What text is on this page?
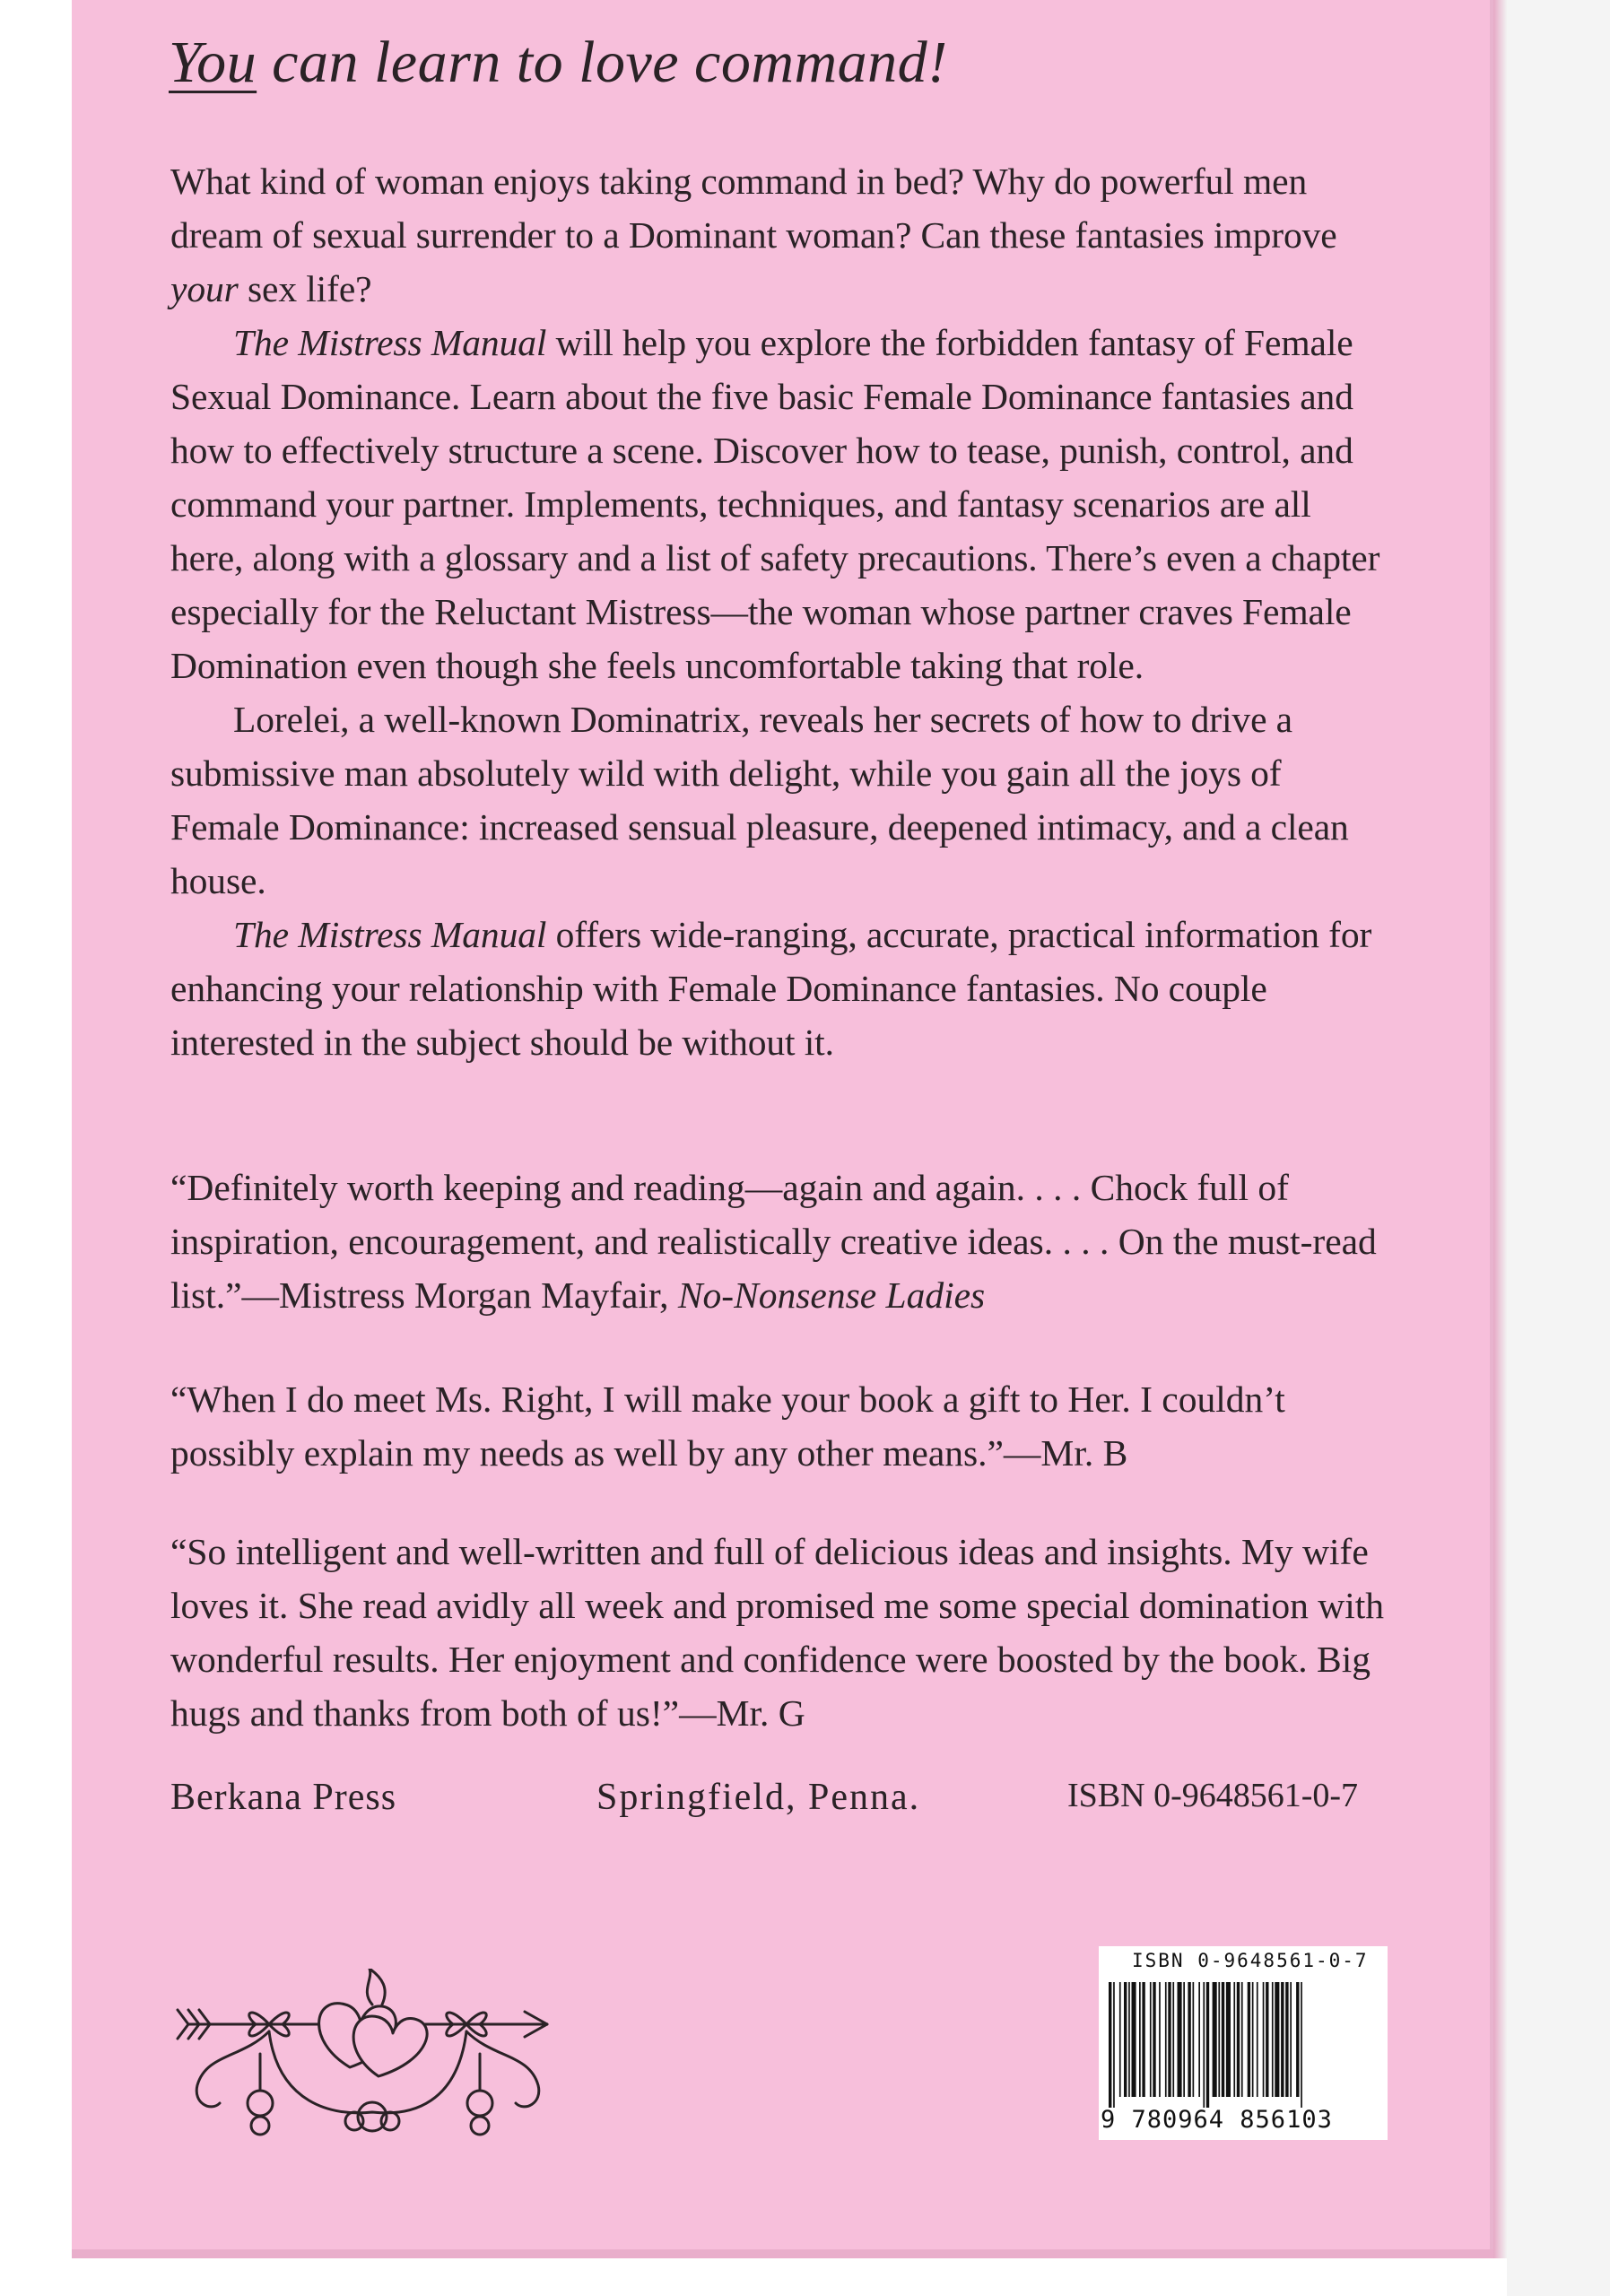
You can learn to love command!

What kind of woman enjoys taking command in bed? Why do powerful men dream of sexual surrender to a Dominant woman? Can these fantasies improve your sex life?

The Mistress Manual will help you explore the forbidden fantasy of Female Sexual Dominance. Learn about the five basic Female Dominance fantasies and how to effectively structure a scene. Discover how to tease, punish, control, and command your partner. Implements, techniques, and fantasy scenarios are all here, along with a glossary and a list of safety precautions. There’s even a chapter especially for the Reluctant Mistress—the woman whose partner craves Female Domination even though she feels uncomfortable taking that role.

Lorelei, a well-known Dominatrix, reveals her secrets of how to drive a submissive man absolutely wild with delight, while you gain all the joys of Female Dominance: increased sensual pleasure, deepened intimacy, and a clean house.

The Mistress Manual offers wide-ranging, accurate, practical information for enhancing your relationship with Female Dominance fantasies. No couple interested in the subject should be without it.

“Definitely worth keeping and reading—again and again. . . . Chock full of inspiration, encouragement, and realistically creative ideas. . . . On the must-read list.”—Mistress Morgan Mayfair, No-Nonsense Ladies

“When I do meet Ms. Right, I will make your book a gift to Her. I couldn’t possibly explain my needs as well by any other means.”—Mr. B

“So intelligent and well-written and full of delicious ideas and insights. My wife loves it. She read avidly all week and promised me some special domination with wonderful results. Her enjoyment and confidence were boosted by the book. Big hugs and thanks from both of us!”—Mr. G

Berkana Press	Springfield, Penna.	ISBN 0-9648561-0-7
ISBN 0-9648561-0-7
9 780964 856103
